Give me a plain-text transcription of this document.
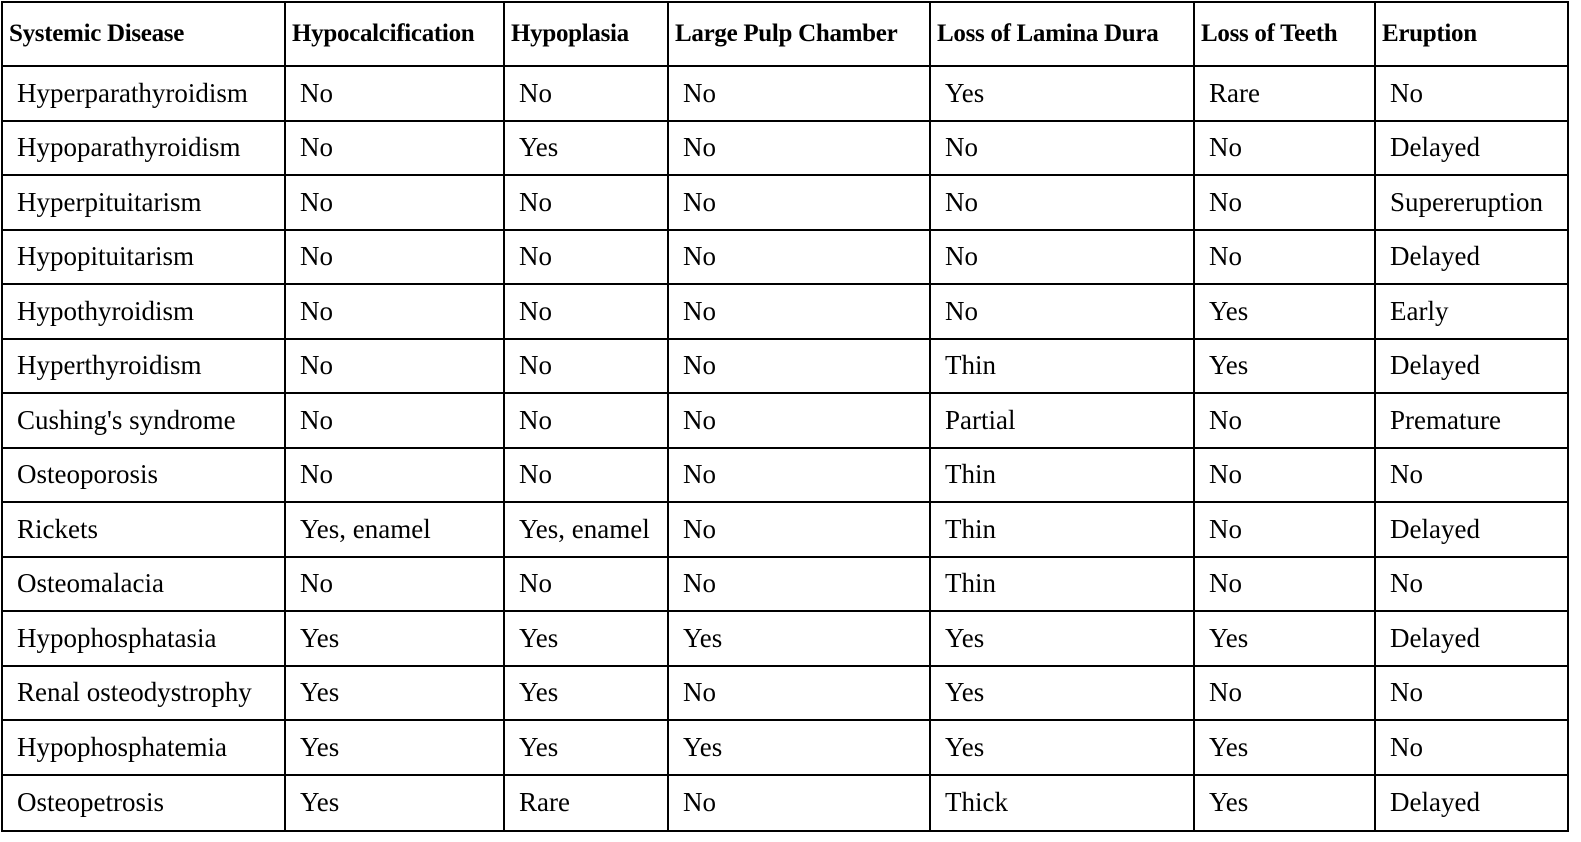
Systemic Disease	Hypocalcification	Hypoplasia	Large Pulp Chamber	Loss of Lamina Dura	Loss of Teeth	Eruption
Hyperparathyroidism	No	No	No	Yes	Rare	No
Hypoparathyroidism	No	Yes	No	No	No	Delayed
Hyperpituitarism	No	No	No	No	No	Supereruption
Hypopituitarism	No	No	No	No	No	Delayed
Hypothyroidism	No	No	No	No	Yes	Early
Hyperthyroidism	No	No	No	Thin	Yes	Delayed
Cushing's syndrome	No	No	No	Partial	No	Premature
Osteoporosis	No	No	No	Thin	No	No
Rickets	Yes, enamel	Yes, enamel	No	Thin	No	Delayed
Osteomalacia	No	No	No	Thin	No	No
Hypophosphatasia	Yes	Yes	Yes	Yes	Yes	Delayed
Renal osteodystrophy	Yes	Yes	No	Yes	No	No
Hypophosphatemia	Yes	Yes	Yes	Yes	Yes	No
Osteopetrosis	Yes	Rare	No	Thick	Yes	Delayed
